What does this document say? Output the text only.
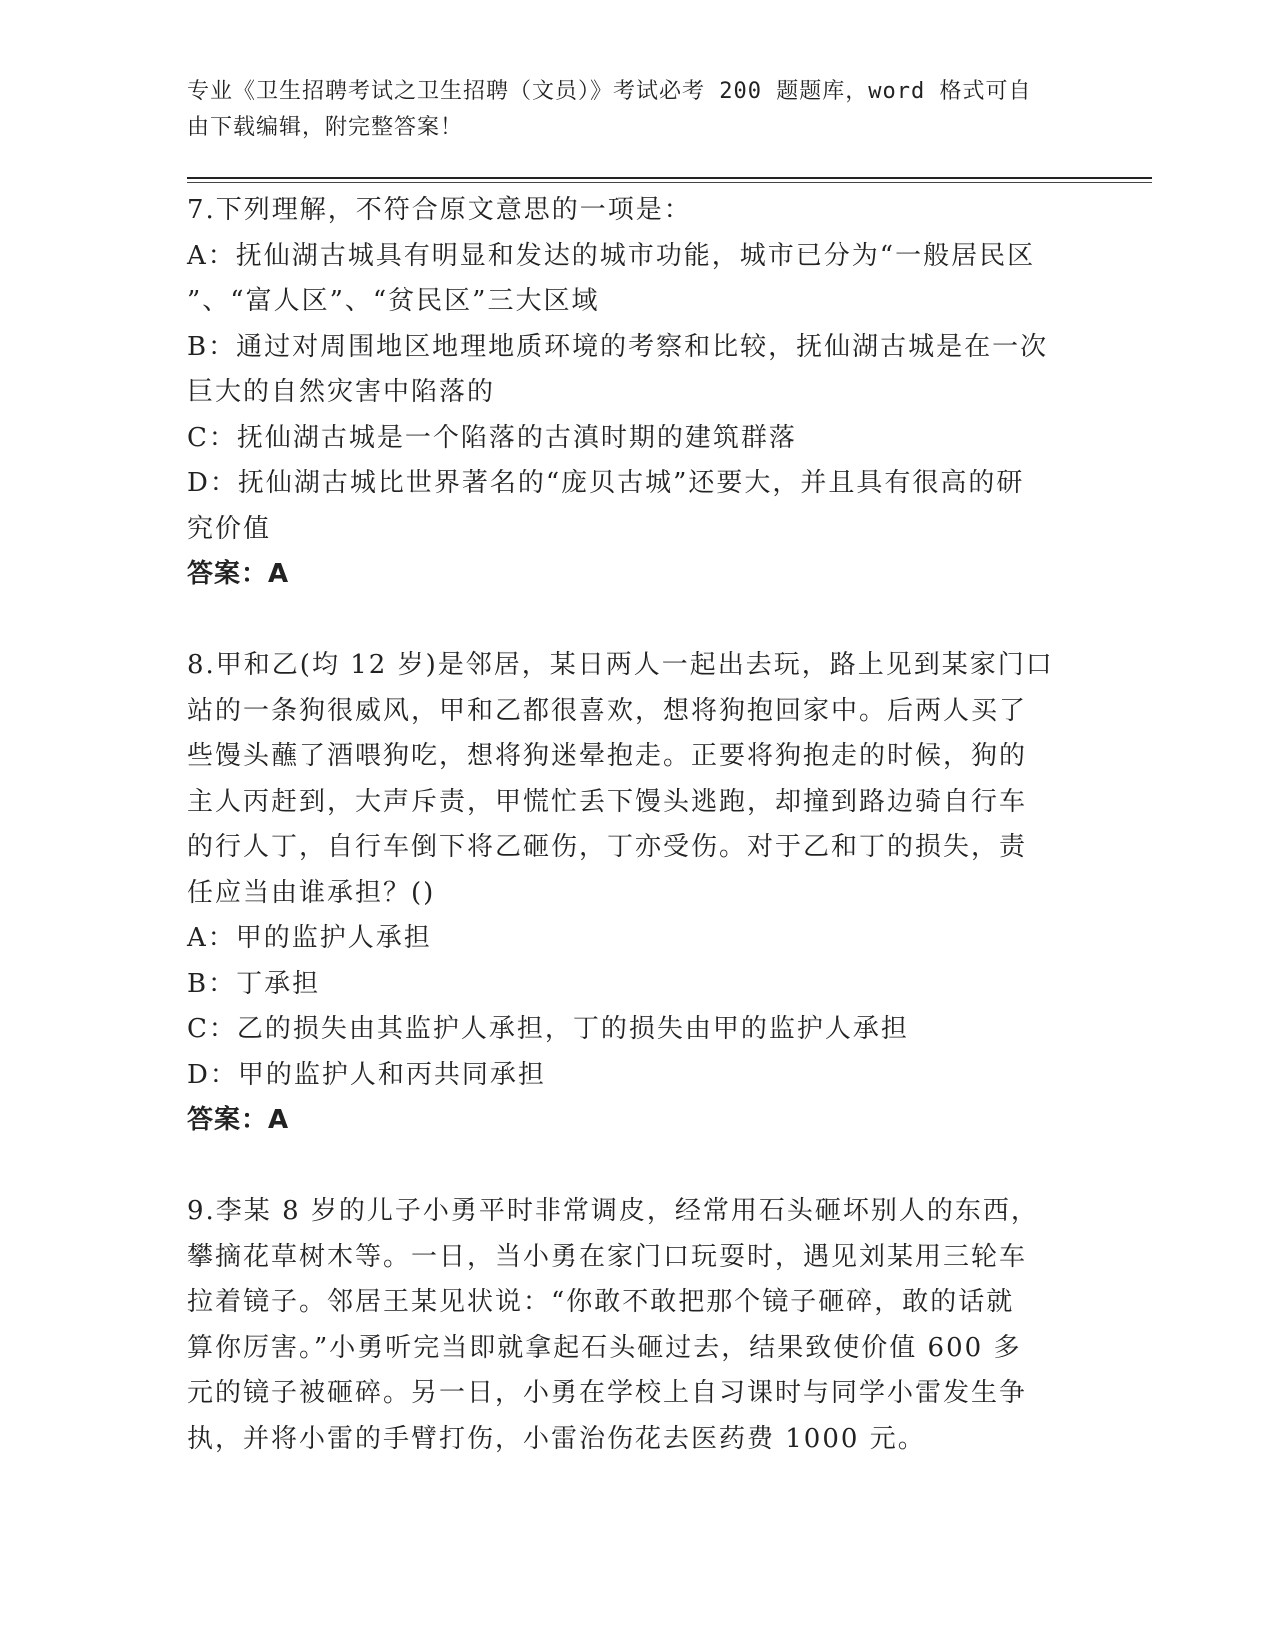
专业《卫生招聘考试之卫生招聘（文员）》考试必考 200 题题库，word 格式可自
由下载编辑，附完整答案！
7.下列理解，不符合原文意思的一项是：
A：抚仙湖古城具有明显和发达的城市功能，城市已分为“一般居民区
”、“富人区”、“贫民区”三大区域
B：通过对周围地区地理地质环境的考察和比较，抚仙湖古城是在一次
巨大的自然灾害中陷落的
C：抚仙湖古城是一个陷落的古滇时期的建筑群落
D：抚仙湖古城比世界著名的“庞贝古城”还要大，并且具有很高的研
究价值
答案：A
8.甲和乙(均 12 岁)是邻居，某日两人一起出去玩，路上见到某家门口
站的一条狗很威风，甲和乙都很喜欢，想将狗抱回家中。后两人买了
些馒头蘸了酒喂狗吃，想将狗迷晕抱走。正要将狗抱走的时候，狗的
主人丙赶到，大声斥责，甲慌忙丢下馒头逃跑，却撞到路边骑自行车
的行人丁，自行车倒下将乙砸伤，丁亦受伤。对于乙和丁的损失，责
任应当由谁承担？()
A：甲的监护人承担
B：丁承担
C：乙的损失由其监护人承担，丁的损失由甲的监护人承担
D：甲的监护人和丙共同承担
答案：A
9.李某 8 岁的儿子小勇平时非常调皮，经常用石头砸坏别人的东西，
攀摘花草树木等。一日，当小勇在家门口玩耍时，遇见刘某用三轮车
拉着镜子。邻居王某见状说：“你敢不敢把那个镜子砸碎，敢的话就
算你厉害。”小勇听完当即就拿起石头砸过去，结果致使价值 600 多
元的镜子被砸碎。另一日，小勇在学校上自习课时与同学小雷发生争
执，并将小雷的手臂打伤，小雷治伤花去医药费 1000 元。
